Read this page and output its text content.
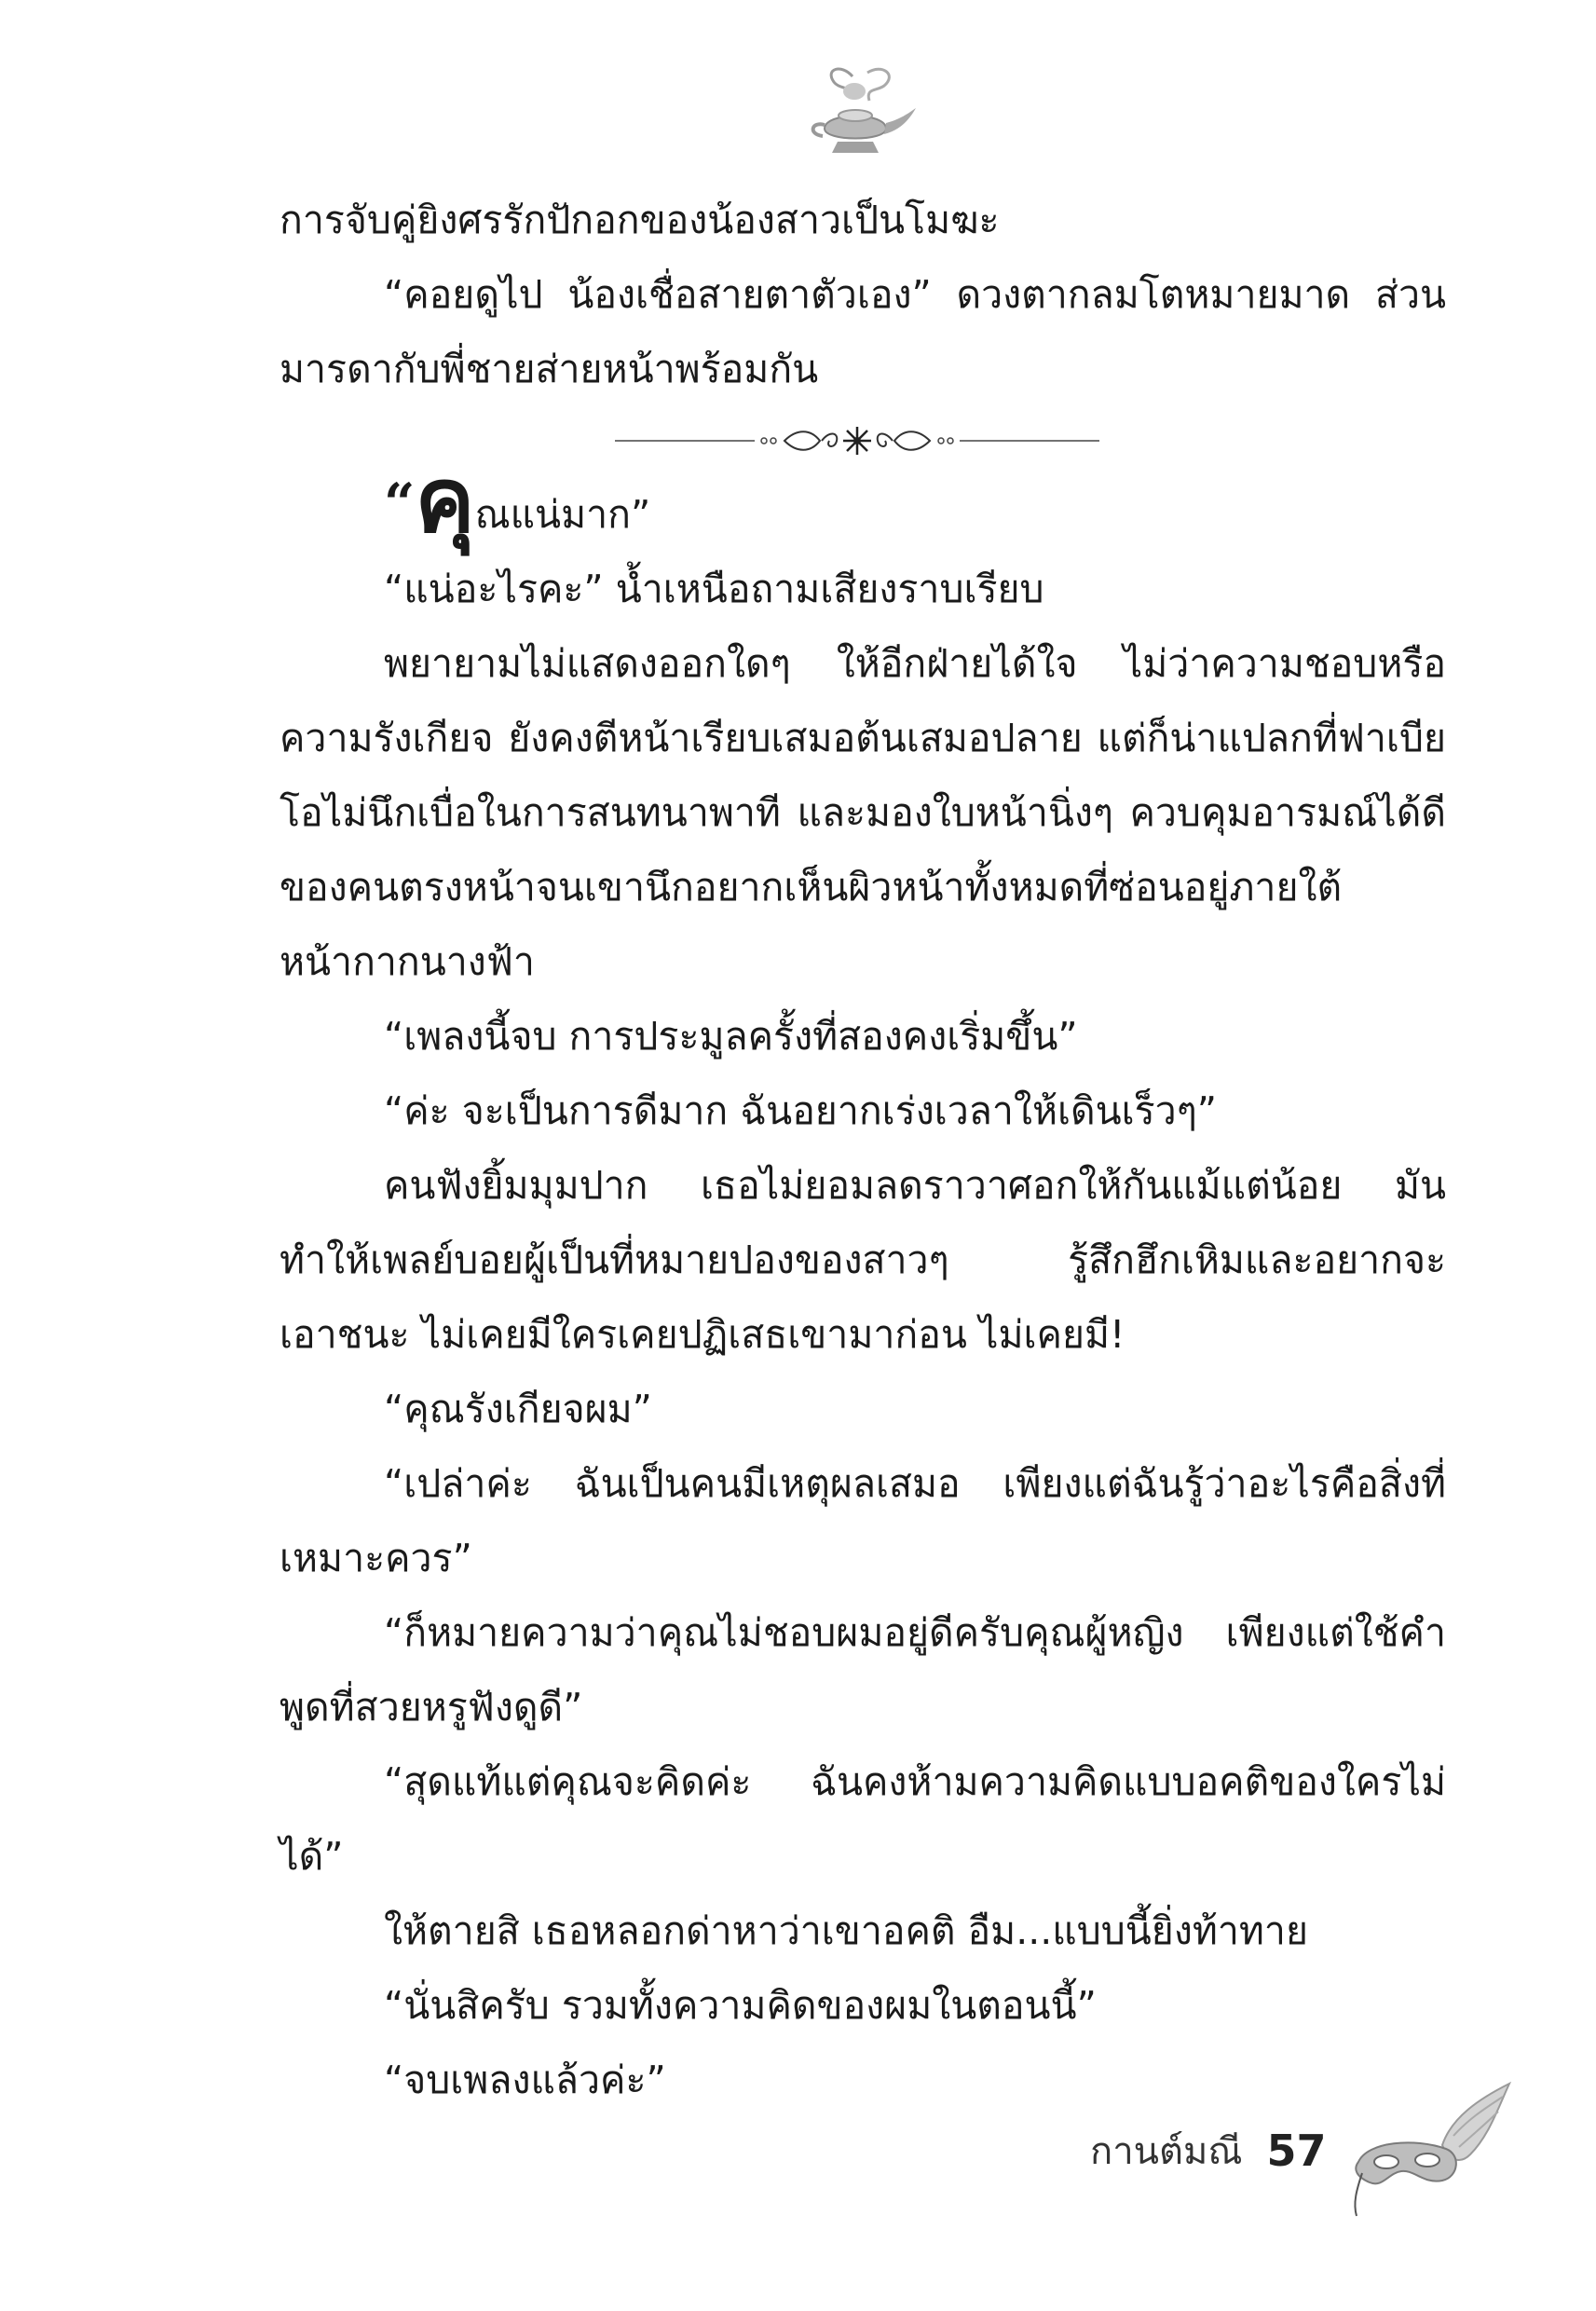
การจับคู่ยิงศรรักปักอกของน้องสาวเป็นโมฆะ

“คอยดูไป น้องเชื่อสายตาตัวเอง” ดวงตากลมโตหมายมาด ส่วนมารดากับพี่ชายส่ายหน้าพร้อมกัน

“คุณแน่มาก”

“แน่อะไรคะ” น้ำเหนือถามเสียงราบเรียบ

พยายามไม่แสดงออกใดๆ ให้อีกฝ่ายได้ใจ ไม่ว่าความชอบหรือความรังเกียจ ยังคงตีหน้าเรียบเสมอต้นเสมอปลาย แต่ก็น่าแปลกที่ฟาเบียโอไม่นึกเบื่อในการสนทนาพาที และมองใบหน้านิ่งๆ ควบคุมอารมณ์ได้ดีของคนตรงหน้าจนเขานึกอยากเห็นผิวหน้าทั้งหมดที่ซ่อนอยู่ภายใต้หน้ากากนางฟ้า

“เพลงนี้จบ การประมูลครั้งที่สองคงเริ่มขึ้น”

“ค่ะ จะเป็นการดีมาก ฉันอยากเร่งเวลาให้เดินเร็วๆ”

คนฟังยิ้มมุมปาก เธอไม่ยอมลดราวาศอกให้กันแม้แต่น้อย มันทำให้เพลย์บอยผู้เป็นที่หมายปองของสาวๆ รู้สึกฮึกเหิมและอยากจะเอาชนะ ไม่เคยมีใครเคยปฏิเสธเขามาก่อน ไม่เคยมี!

“คุณรังเกียจผม”

“เปล่าค่ะ ฉันเป็นคนมีเหตุผลเสมอ เพียงแต่ฉันรู้ว่าอะไรคือสิ่งที่เหมาะควร”

“ก็หมายความว่าคุณไม่ชอบผมอยู่ดีครับคุณผู้หญิง เพียงแต่ใช้คำพูดที่สวยหรูฟังดูดี”

“สุดแท้แต่คุณจะคิดค่ะ ฉันคงห้ามความคิดแบบอคติของใครไม่ได้”

ให้ตายสิ เธอหลอกด่าหาว่าเขาอคติ อืม...แบบนี้ยิ่งท้าทาย

“นั่นสิครับ รวมทั้งความคิดของผมในตอนนี้”

“จบเพลงแล้วค่ะ”

กานต์มณี 57
